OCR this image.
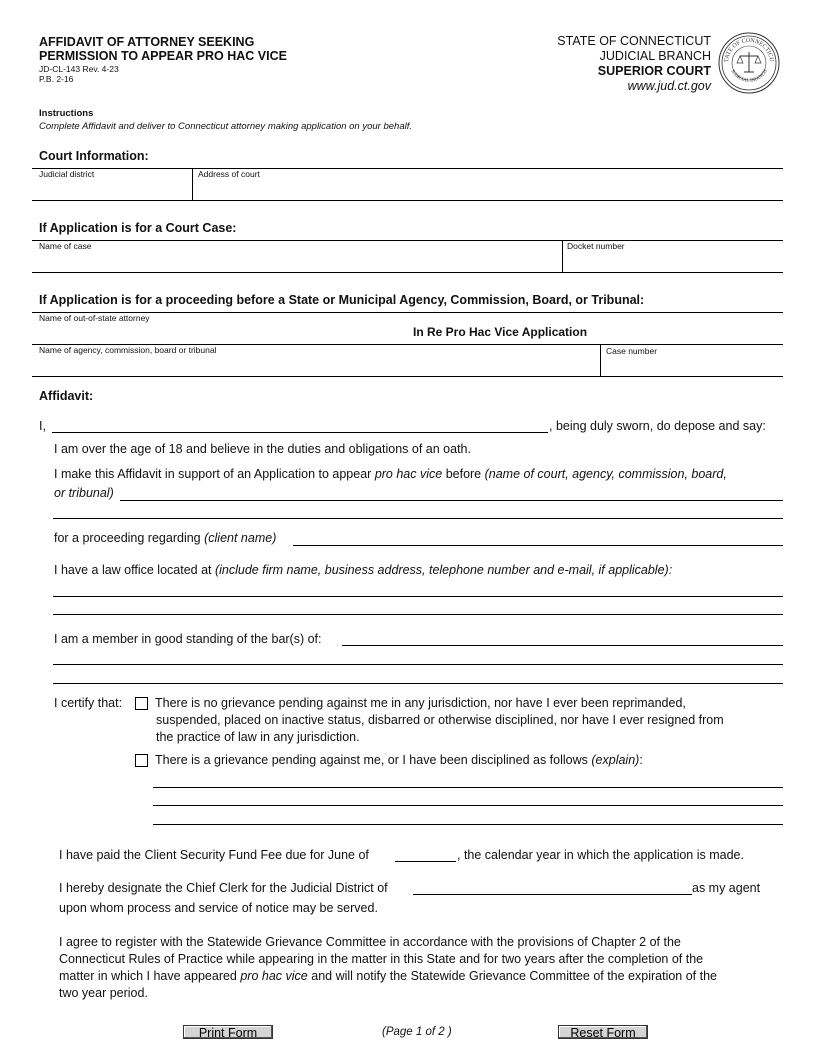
AFFIDAVIT OF ATTORNEY SEEKING
PERMISSION TO APPEAR PRO HAC VICE
JD-CL-143 Rev. 4-23
P.B. 2-16
STATE OF CONNECTICUT
JUDICIAL BRANCH
SUPERIOR COURT
www.jud.ct.gov
TATE OF CONNECTICU
JUDICIAL BRANCH
Instructions
Complete Affidavit and deliver to Connecticut attorney making application on your behalf.
Court Information:
Judicial district	Address of court
If Application is for a Court Case:
Name of case	Docket number
If Application is for a proceeding before a State or Municipal Agency, Commission, Board, or Tribunal:
Name of out-of-state attorney
In Re Pro Hac Vice Application
Name of agency, commission, board or tribunal	Case number
Affidavit:
I,	, being duly sworn, do depose and say:
I am over the age of 18 and believe in the duties and obligations of an oath.
I make this Affidavit in support of an Application to appear pro hac vice before (name of court, agency, commission, board,
or tribunal)
for a proceeding regarding (client name)
I have a law office located at (include firm name, business address, telephone number and e-mail, if applicable):
I am a member in good standing of the bar(s) of:
I certify that:	There is no grievance pending against me in any jurisdiction, nor have I ever been reprimanded,
suspended, placed on inactive status, disbarred or otherwise disciplined, nor have I ever resigned from
the practice of law in any jurisdiction.
There is a grievance pending against me, or I have been disciplined as follows (explain):
I have paid the Client Security Fund Fee due for June of	, the calendar year in which the application is made.
I hereby designate the Chief Clerk for the Judicial District of	as my agent
upon whom process and service of notice may be served.
I agree to register with the Statewide Grievance Committee in accordance with the provisions of Chapter 2 of the
Connecticut Rules of Practice while appearing in the matter in this State and for two years after the completion of the
matter in which I have appeared pro hac vice and will notify the Statewide Grievance Committee of the expiration of the
two year period.
Print Form	(Page 1 of 2 )	Reset Form
